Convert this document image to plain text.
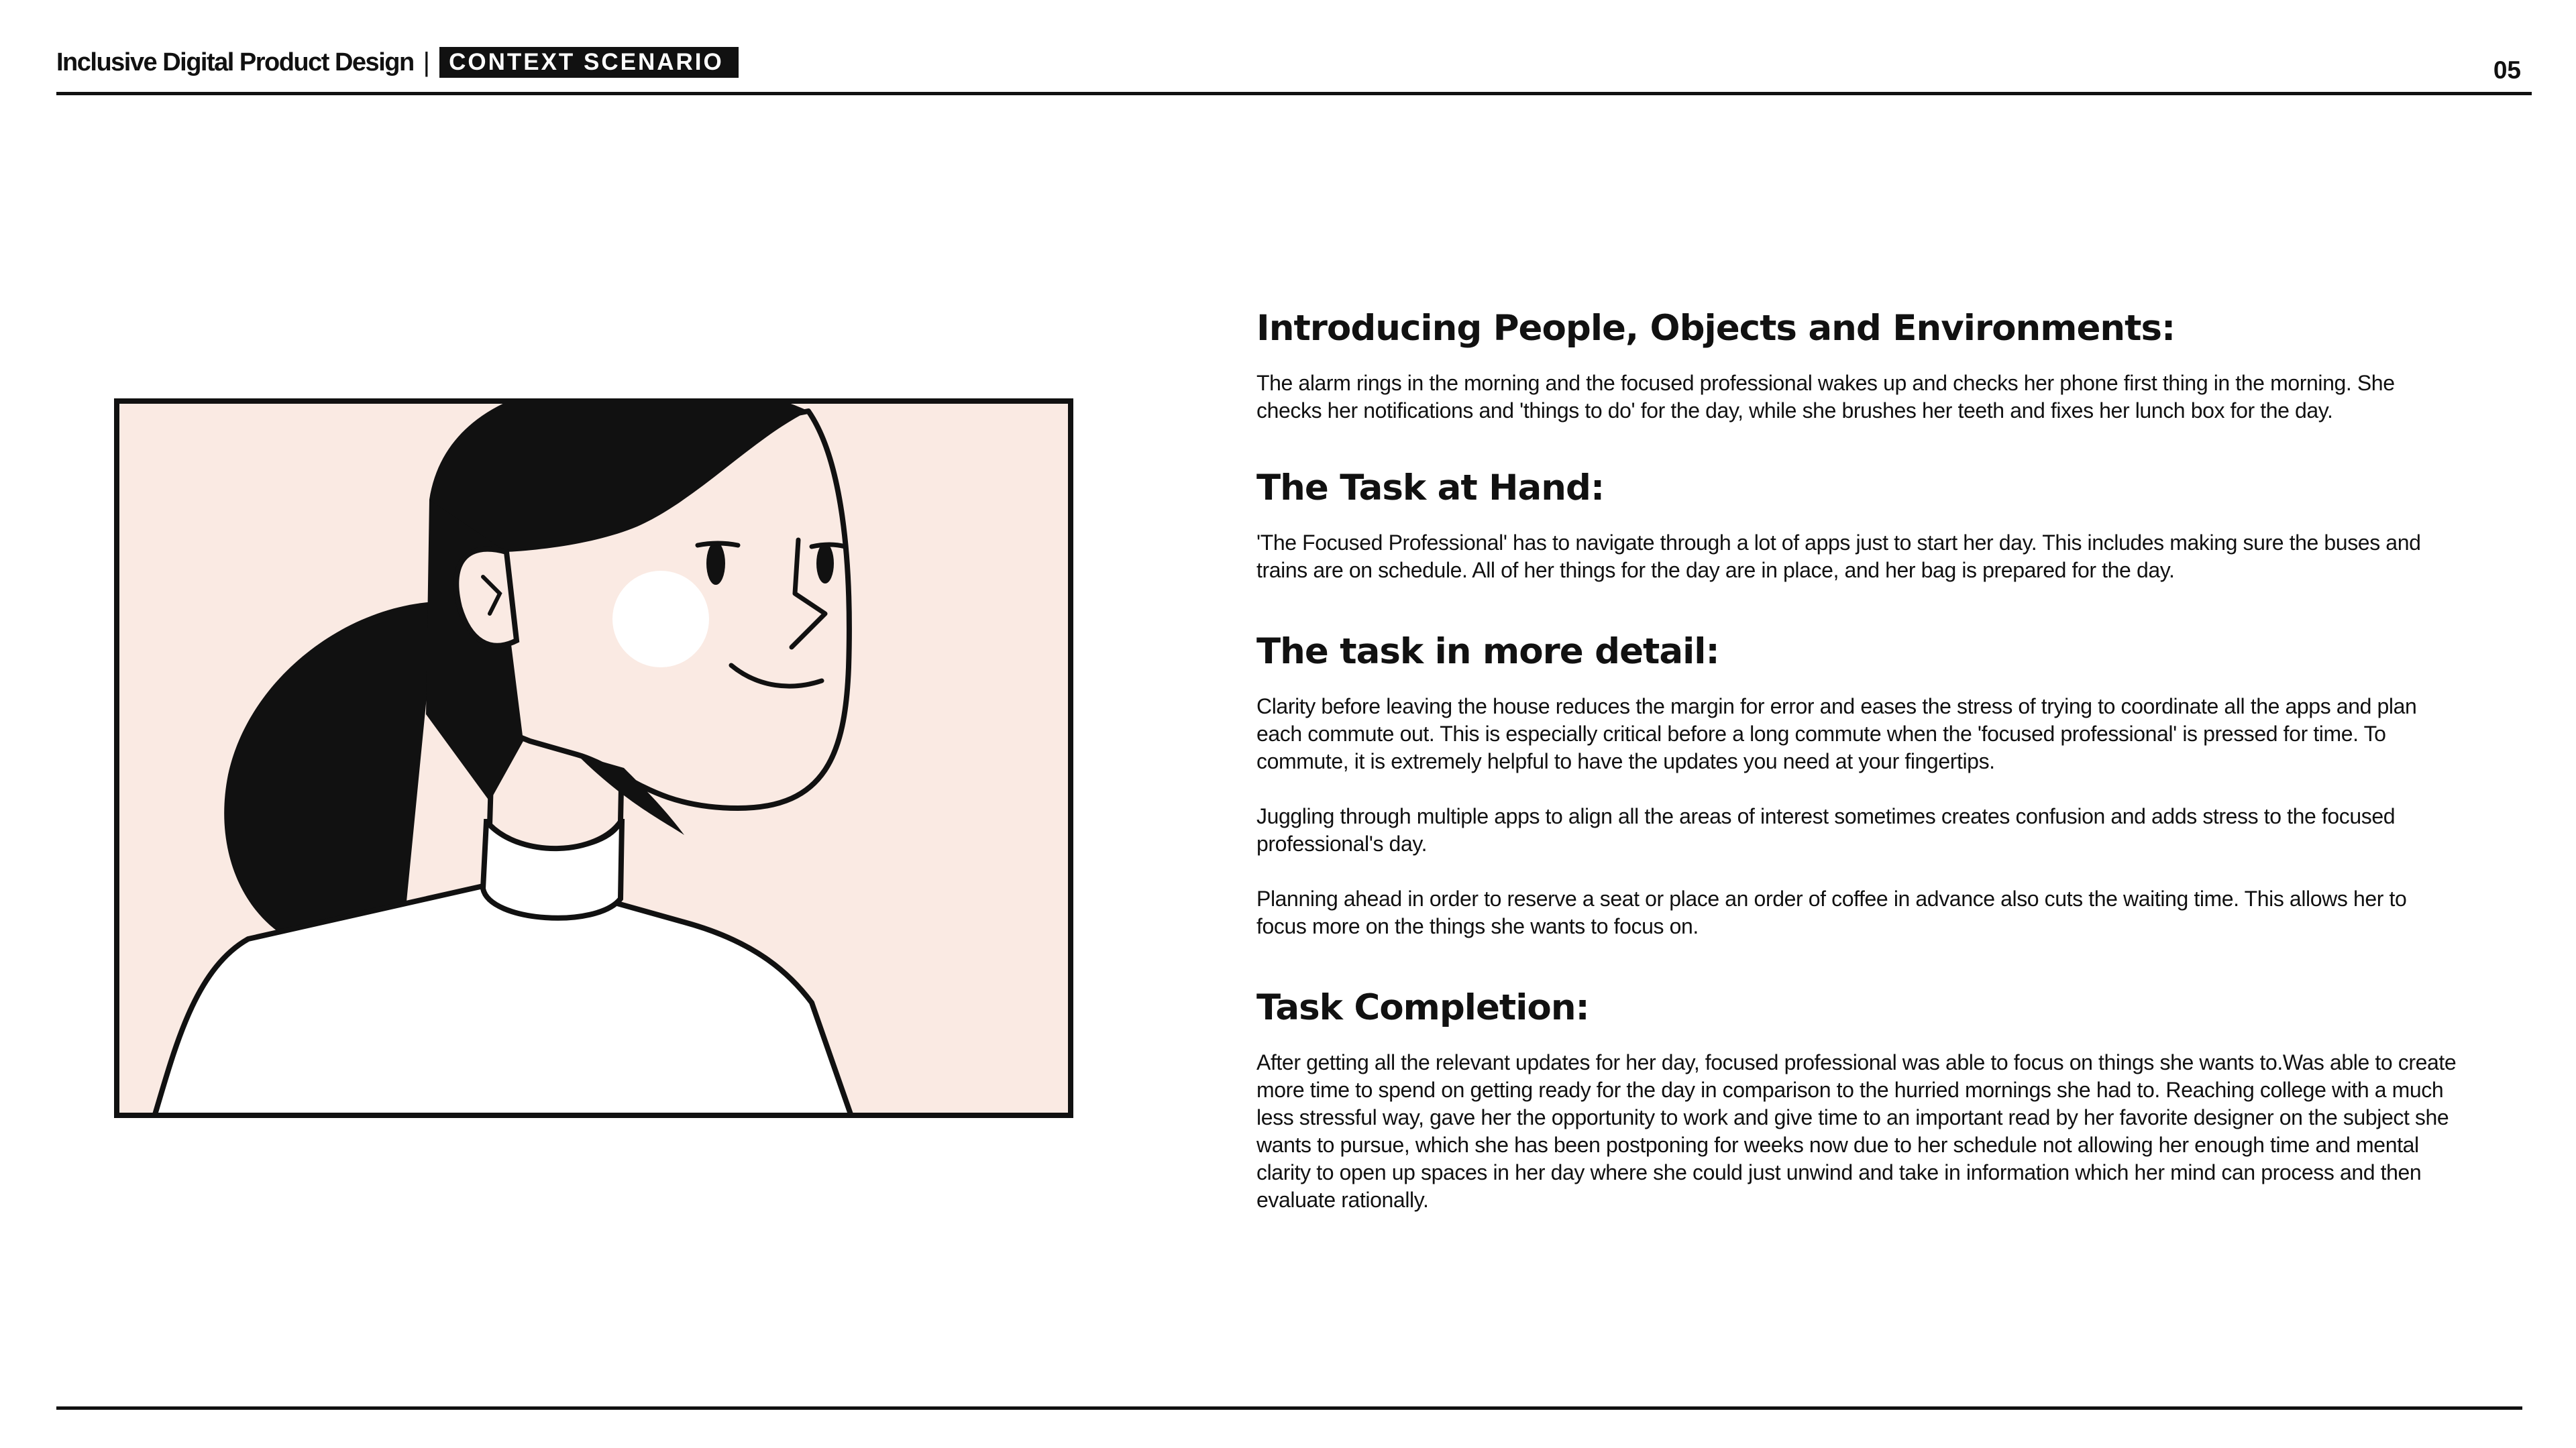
Inclusive Digital Product Design | CONTEXT SCENARIO	05
Introducing People, Objects and Environments:

The alarm rings in the morning and the focused professional wakes up and checks her phone first thing in the morning. She checks her notifications and 'things to do' for the day, while she brushes her teeth and fixes her lunch box for the day.

The Task at Hand:

'The Focused Professional' has to navigate through a lot of apps just to start her day. This includes making sure the buses and trains are on schedule. All of her things for the day are in place, and her bag is prepared for the day.

The task in more detail:

Clarity before leaving the house reduces the margin for error and eases the stress of trying to coordinate all the apps and plan each commute out. This is especially critical before a long commute when the 'focused professional' is pressed for time. To commute, it is extremely helpful to have the updates you need at your fingertips.

Juggling through multiple apps to align all the areas of interest sometimes creates confusion and adds stress to the focused professional's day.

Planning ahead in order to reserve a seat or place an order of coffee in advance also cuts the waiting time. This allows her to focus more on the things she wants to focus on.

Task Completion:

After getting all the relevant updates for her day, focused professional was able to focus on things she wants to.Was able to create more time to spend on getting ready for the day in comparison to the hurried mornings she had to. Reaching college with a much less stressful way, gave her the opportunity to work and give time to an important read by her favorite designer on the subject she wants to pursue, which she has been postponing for weeks now due to her schedule not allowing her enough time and mental clarity to open up spaces in her day where she could just unwind and take in information which her mind can process and then evaluate rationally.
